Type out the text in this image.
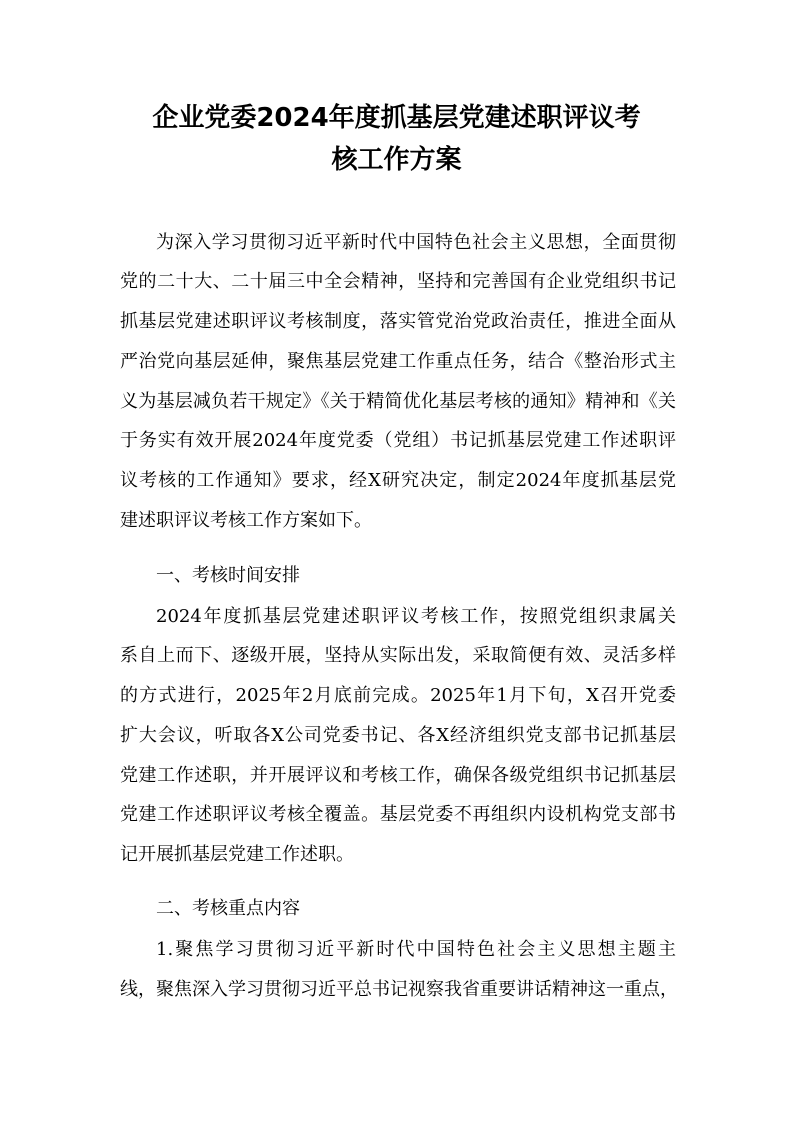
企业党委2024年度抓基层党建述职评议考
核工作方案
为深入学习贯彻习近平新时代中国特色社会主义思想，全面贯彻
党的二十大、二十届三中全会精神，坚持和完善国有企业党组织书记
抓基层党建述职评议考核制度，落实管党治党政治责任，推进全面从
严治党向基层延伸，聚焦基层党建工作重点任务，结合《整治形式主
义为基层减负若干规定》《关于精简优化基层考核的通知》精神和《关
于务实有效开展2024年度党委（党组）书记抓基层党建工作述职评
议考核的工作通知》要求，经X研究决定，制定2024年度抓基层党
建述职评议考核工作方案如下。
一、考核时间安排
2024年度抓基层党建述职评议考核工作，按照党组织隶属关
系自上而下、逐级开展，坚持从实际出发，采取简便有效、灵活多样
的方式进行，2025年2月底前完成。2025年1月下旬，X召开党委
扩大会议，听取各X公司党委书记、各X经济组织党支部书记抓基层
党建工作述职，并开展评议和考核工作，确保各级党组织书记抓基层
党建工作述职评议考核全覆盖。基层党委不再组织内设机构党支部书
记开展抓基层党建工作述职。
二、考核重点内容
1.聚焦学习贯彻习近平新时代中国特色社会主义思想主题主
线，聚焦深入学习贯彻习近平总书记视察我省重要讲话精神这一重点，
